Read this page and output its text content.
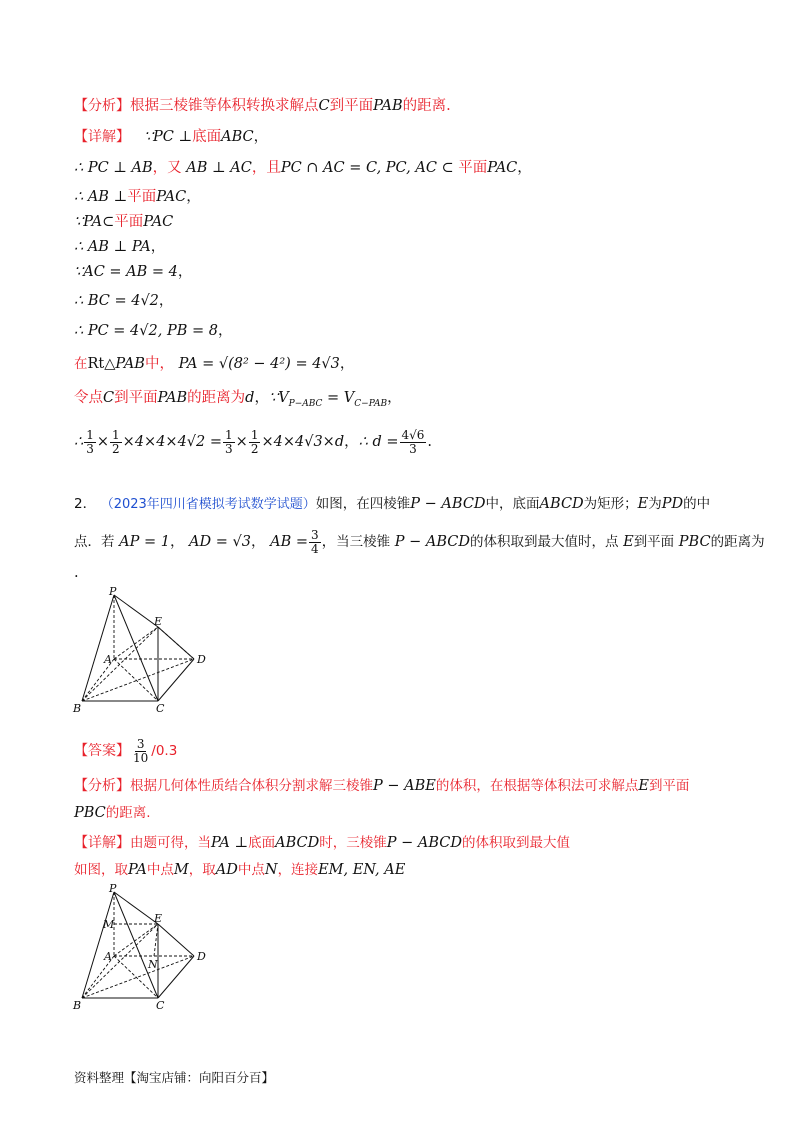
【分析】根据三棱锥等体积转换求解点C到平面PAB的距离.
【详解】 ∵PC ⊥底面ABC，
∴ PC ⊥ AB，又 AB ⊥ AC，且PC ∩ AC = C, PC, AC ⊂ 平面PAC，
∴ AB ⊥平面PAC，
∵PA⊂平面PAC
∴ AB ⊥ PA，
∵AC = AB = 4，
∴ BC = 4√2，
∴ PC = 4√2, PB = 8，
在Rt△PAB中， PA = √(8² − 4²) = 4√3，
令点C到平面PAB的距离为d，$\because V_{P-ABC} = V_{C-PAB}$，
∴ $\frac{1}{3} \times \frac{1}{2} \times 4\times 4\times 4√2 = \frac{1}{3} \times \frac{1}{2} \times 4\times 4√3\times d$ ， ∴ $d = \frac{4√6}{3}$ .
2． （2023年四川省模拟考试数学试题）如图，在四棱锥P − ABCD中，底面ABCD为矩形；E为PD的中
点．若
AP = 1 ， AD = √3 ， AB = $\frac{3}{4}$ ， 当三棱锥
P − ABCD 的体积取到最大值时，点
E 到平面
PBC 的距离为
.
P
E
A	D
B	C
【答案】 $\frac{3}{10} /0.3$
【分析】根据几何体性质结合体积分割求解三棱锥P − ABE的体积，在根据等体积法可求解点E到平面
PBC的距离.
【详解】由题可得，当PA ⊥底面ABCD时，三棱锥P − ABCD的体积取到最大值
如图，取PA中点M，取AD中点N，连接EM, EN, AE
P
E
M
A
N
D
B	C
资料整理【淘宝店铺：向阳百分百】
